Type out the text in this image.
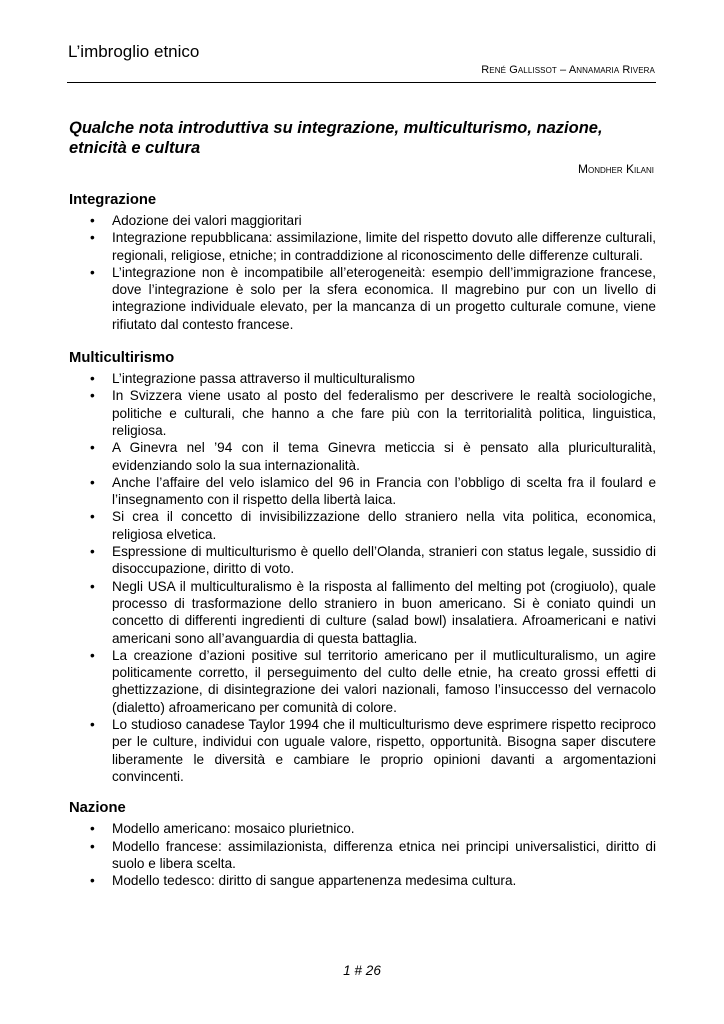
L’imbroglio etnico
René Gallissot – Annamaria Rivera
Qualche nota introduttiva su integrazione, multiculturismo, nazione, etnicità e cultura
Mondher Kilani
Integrazione
• Adozione dei valori maggioritari
• Integrazione repubblicana: assimilazione, limite del rispetto dovuto alle differenze culturali, regionali, religiose, etniche; in contraddizione al riconoscimento delle differenze culturali.
• L’integrazione non è incompatibile all’eterogeneità: esempio dell’immigrazione francese, dove l’integrazione è solo per la sfera economica. Il magrebino pur con un livello di integrazione individuale elevato, per la mancanza di un progetto culturale comune, viene rifiutato dal contesto francese.
Multicultirismo
• L’integrazione passa attraverso il multiculturalismo
• In Svizzera viene usato al posto del federalismo per descrivere le realtà sociologiche, politiche e culturali, che hanno a che fare più con la territorialità politica, linguistica, religiosa.
• A Ginevra nel ’94 con il tema Ginevra meticcia si è pensato alla pluriculturalità, evidenziando solo la sua internazionalità.
• Anche l’affaire del velo islamico del 96 in Francia con l’obbligo di scelta fra il foulard e l’insegnamento con il rispetto della libertà laica.
• Si crea il concetto di invisibilizzazione dello straniero nella vita politica, economica, religiosa elvetica.
• Espressione di multiculturismo è quello dell’Olanda, stranieri con status legale, sussidio di disoccupazione, diritto di voto.
• Negli USA il multiculturalismo è la risposta al fallimento del melting pot (crogiuolo), quale processo di trasformazione dello straniero in buon americano. Si è coniato quindi un concetto di differenti ingredienti di culture (salad bowl) insalatiera. Afroamericani e nativi americani sono all’avanguardia di questa battaglia.
• La creazione d’azioni positive sul territorio americano per il mutliculturalismo, un agire politicamente corretto, il perseguimento del culto delle etnie, ha creato grossi effetti di ghettizzazione, di disintegrazione dei valori nazionali, famoso l’insuccesso del vernacolo (dialetto) afroamericano per comunità di colore.
• Lo studioso canadese Taylor 1994 che il multiculturismo deve esprimere rispetto reciproco per le culture, individui con uguale valore, rispetto, opportunità. Bisogna saper discutere liberamente le diversità e cambiare le proprio opinioni davanti a argomentazioni convincenti.
Nazione
• Modello americano: mosaico plurietnico.
• Modello francese: assimilazionista, differenza etnica nei principi universalistici, diritto di suolo e libera scelta.
• Modello tedesco: diritto di sangue appartenenza medesima cultura.
1 # 26
